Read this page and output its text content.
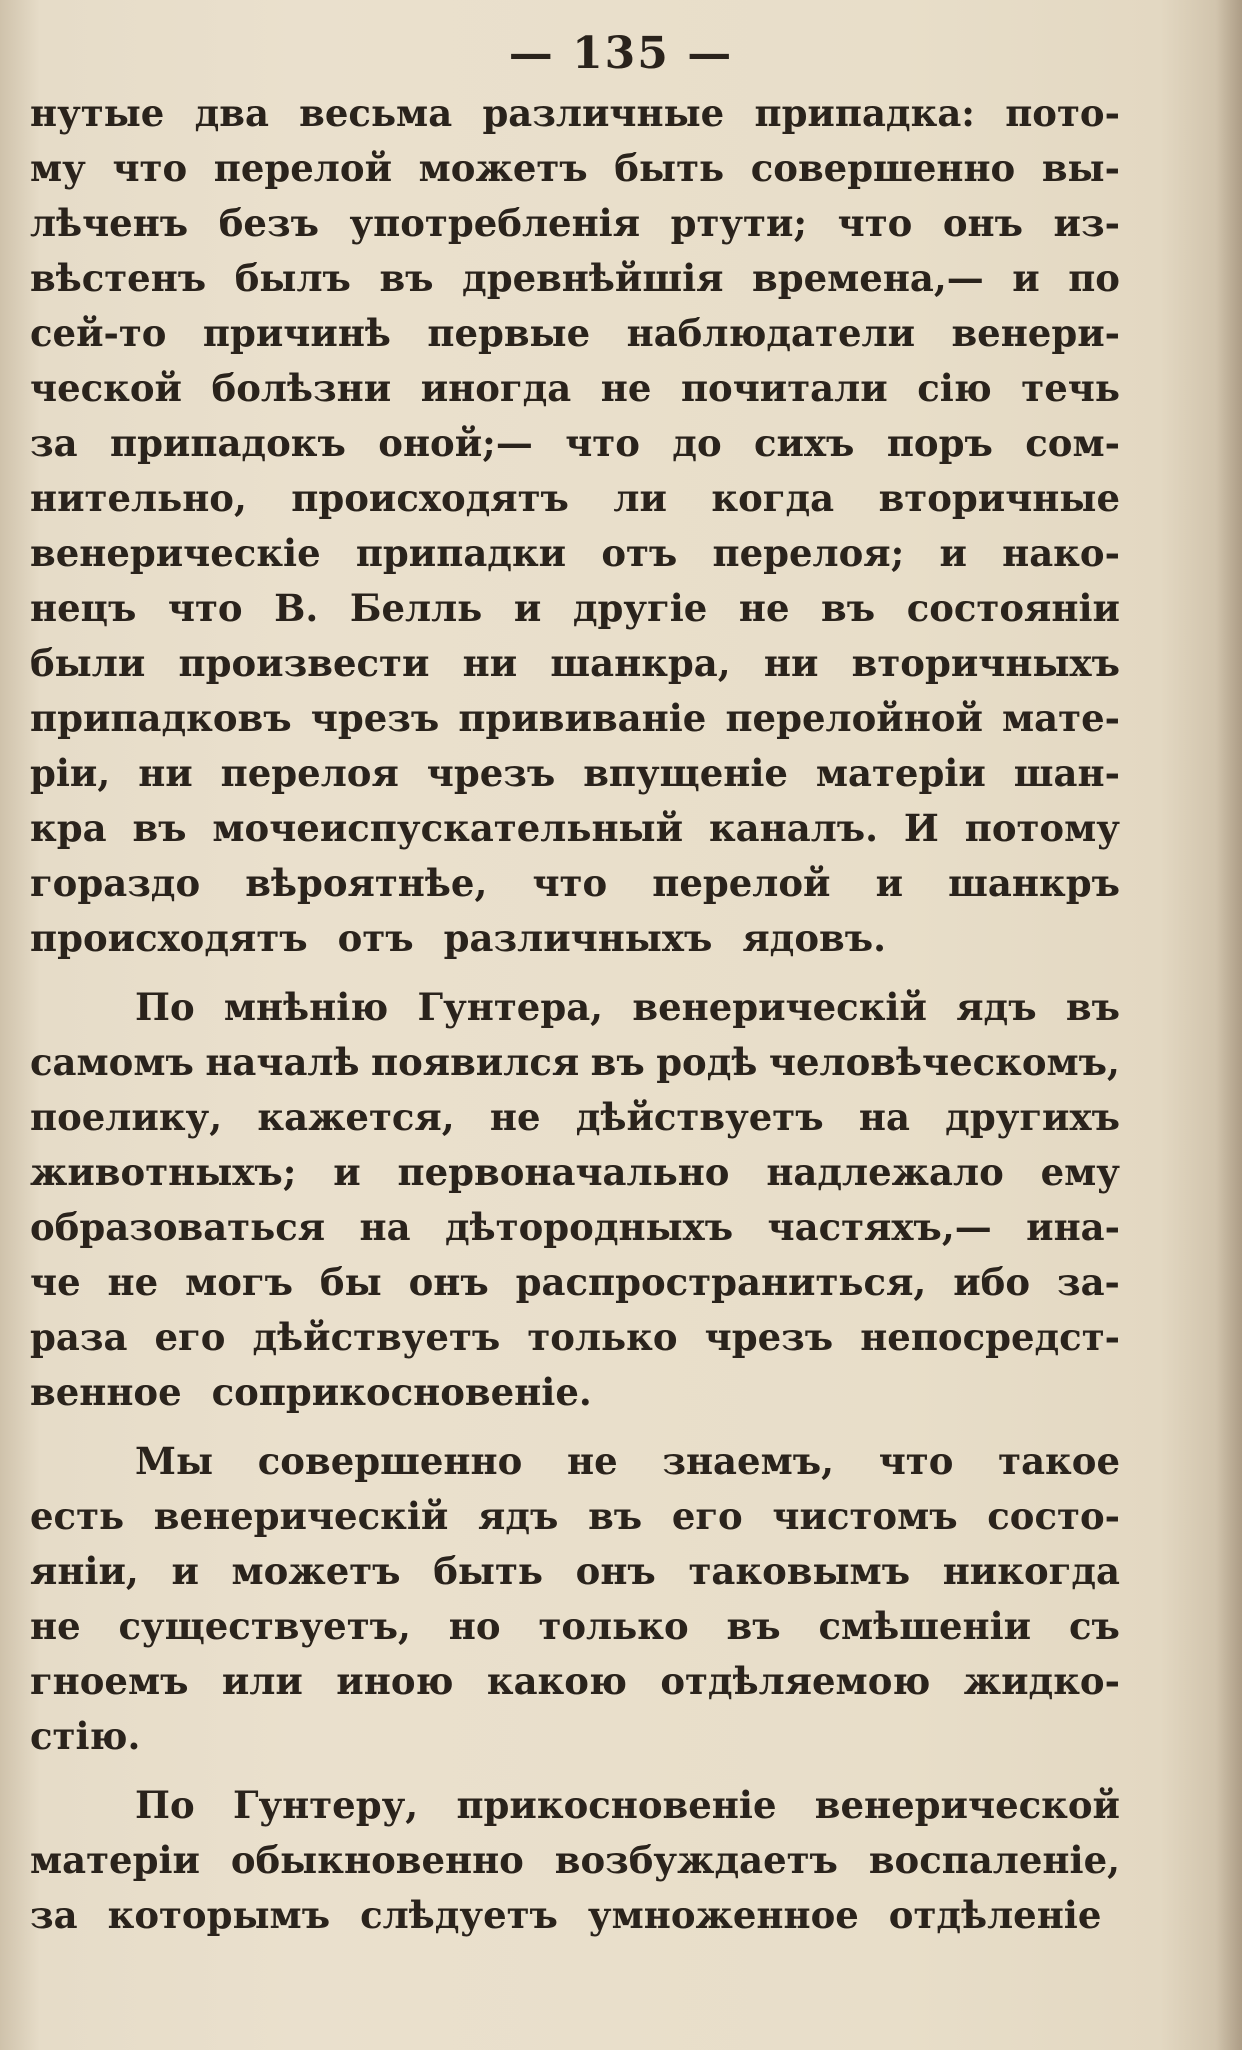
— 135 —
нутые два весьма различные припадка: пото-
му что перелой можетъ быть совершенно вы-
лѣченъ безъ употребленія ртути; что онъ из-
вѣстенъ былъ въ древнѣйшія времена,— и по
сей-то причинѣ первые наблюдатели венери-
ческой болѣзни иногда не почитали сію течь
за припадокъ оной;— что до сихъ поръ сом-
нительно, происходятъ ли когда вторичные
венерическіе припадки отъ перелоя; и нако-
нецъ что В. Белль и другіе не въ состояніи
были произвести ни шанкра, ни вторичныхъ
припадковъ чрезъ прививаніе перелойной мате-
ріи, ни перелоя чрезъ впущеніе матеріи шан-
кра въ мочеиспускательный каналъ. И потому
гораздо вѣроятнѣе, что перелой и шанкръ
происходятъ отъ различныхъ ядовъ.
По мнѣнію Гунтера, венерическій ядъ въ
самомъ началѣ появился въ родѣ человѣческомъ,
поелику, кажется, не дѣйствуетъ на другихъ
животныхъ; и первоначально надлежало ему
образоваться на дѣтородныхъ частяхъ,— ина-
че не могъ бы онъ распространиться, ибо за-
раза его дѣйствуетъ только чрезъ непосредст-
венное соприкосновеніе.
Мы совершенно не знаемъ, что такое
есть венерическій ядъ въ его чистомъ состо-
яніи, и можетъ быть онъ таковымъ никогда
не существуетъ, но только въ смѣшеніи съ
гноемъ или иною какою отдѣляемою жидко-
стію.
По Гунтеру, прикосновеніе венерической
матеріи обыкновенно возбуждаетъ воспаленіе,
за которымъ слѣдуетъ умноженное отдѣленіе
